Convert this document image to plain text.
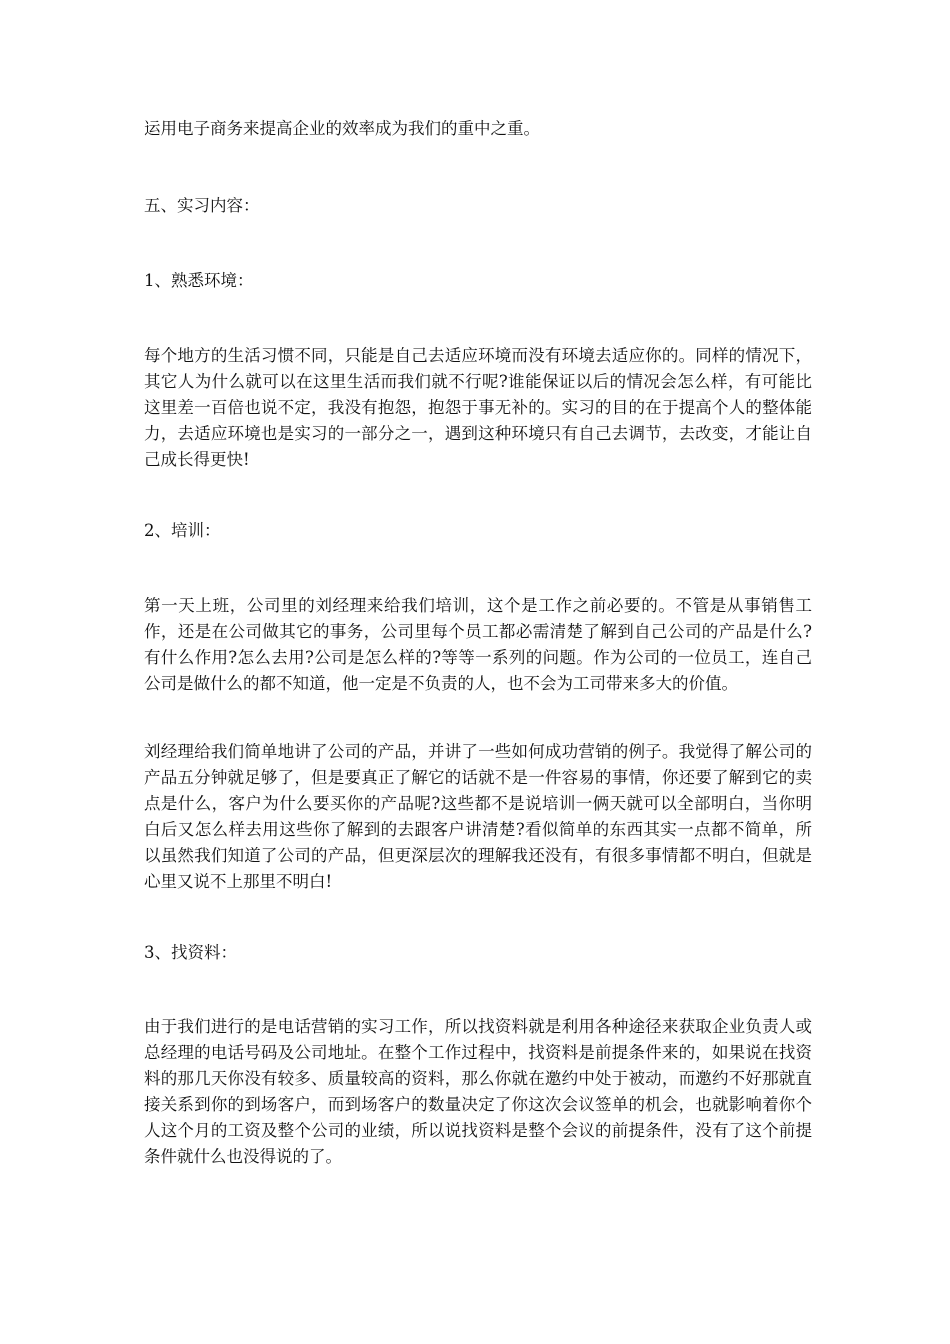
运用电子商务来提高企业的效率成为我们的重中之重。

五、实习内容：

1、熟悉环境：

每个地方的生活习惯不同，只能是自己去适应环境而没有环境去适应你的。同样的情况下，其它人为什么就可以在这里生活而我们就不行呢?谁能保证以后的情况会怎么样，有可能比这里差一百倍也说不定，我没有抱怨，抱怨于事无补的。实习的目的在于提高个人的整体能力，去适应环境也是实习的一部分之一，遇到这种环境只有自己去调节，去改变，才能让自己成长得更快!

2、培训：

第一天上班，公司里的刘经理来给我们培训，这个是工作之前必要的。不管是从事销售工作，还是在公司做其它的事务，公司里每个员工都必需清楚了解到自己公司的产品是什么?有什么作用?怎么去用?公司是怎么样的?等等一系列的问题。作为公司的一位员工，连自己公司是做什么的都不知道，他一定是不负责的人，也不会为工司带来多大的价值。

刘经理给我们简单地讲了公司的产品，并讲了一些如何成功营销的例子。我觉得了解公司的产品五分钟就足够了，但是要真正了解它的话就不是一件容易的事情，你还要了解到它的卖点是什么，客户为什么要买你的产品呢?这些都不是说培训一俩天就可以全部明白，当你明白后又怎么样去用这些你了解到的去跟客户讲清楚?看似简单的东西其实一点都不简单，所以虽然我们知道了公司的产品，但更深层次的理解我还没有，有很多事情都不明白，但就是心里又说不上那里不明白!

3、找资料：

由于我们进行的是电话营销的实习工作，所以找资料就是利用各种途径来获取企业负责人或总经理的电话号码及公司地址。在整个工作过程中，找资料是前提条件来的，如果说在找资料的那几天你没有较多、质量较高的资料，那么你就在邀约中处于被动，而邀约不好那就直接关系到你的到场客户，而到场客户的数量决定了你这次会议签单的机会，也就影响着你个人这个月的工资及整个公司的业绩，所以说找资料是整个会议的前提条件，没有了这个前提条件就什么也没得说的了。
